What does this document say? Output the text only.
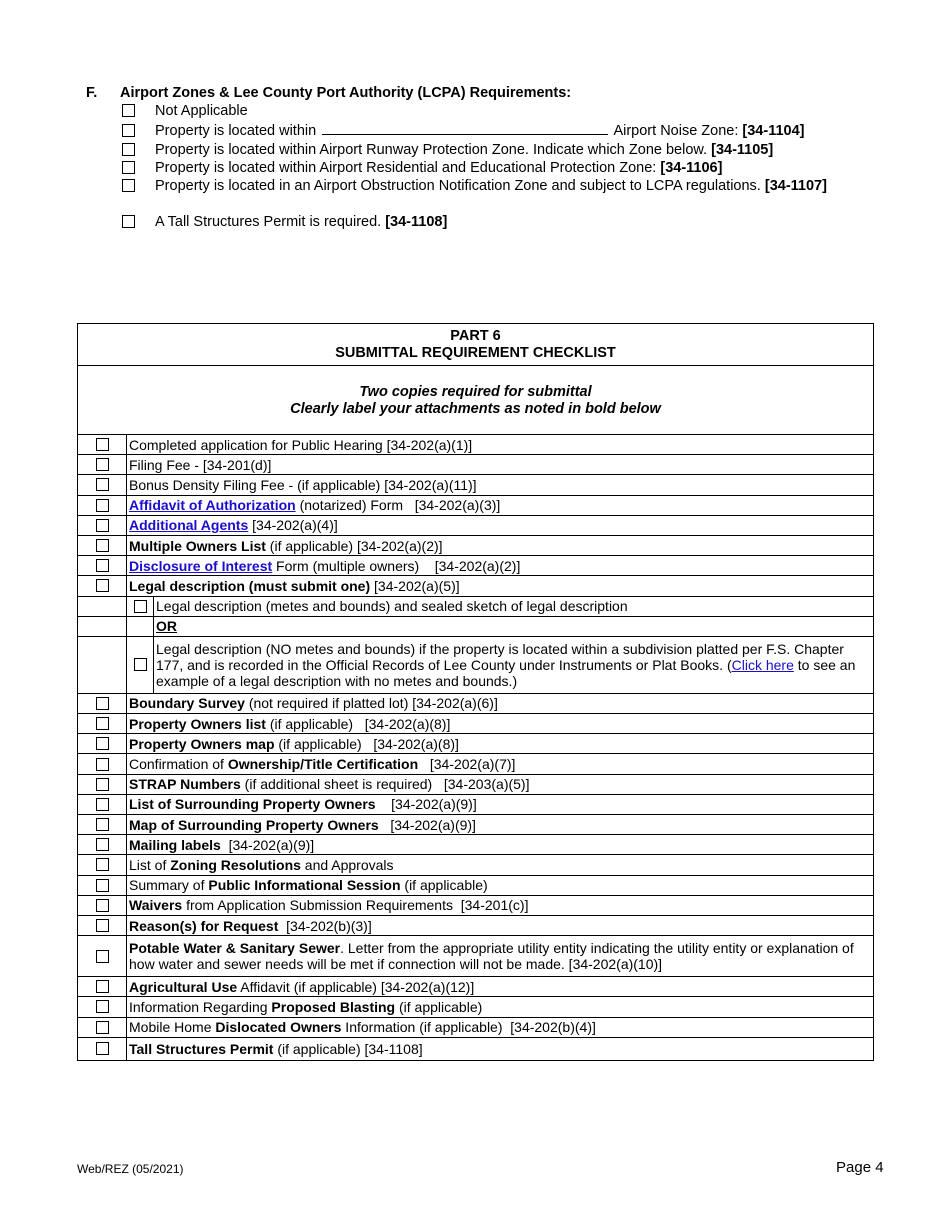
F. Airport Zones & Lee County Port Authority (LCPA) Requirements:
Not Applicable
Property is located within	Airport Noise Zone: [34-1104]
Property is located within Airport Runway Protection Zone. Indicate which Zone below. [34-1105]
Property is located within Airport Residential and Educational Protection Zone: [34-1106]
Property is located in an Airport Obstruction Notification Zone and subject to LCPA regulations. [34-1107]
A Tall Structures Permit is required. [34-1108]
PART 6
SUBMITTAL REQUIREMENT CHECKLIST
Two copies required for submittal
Clearly label your attachments as noted in bold below
Completed application for Public Hearing [34-202(a)(1)]
Filing Fee - [34-201(d)]
Bonus Density Filing Fee - (if applicable) [34-202(a)(11)]
Affidavit of Authorization (notarized) Form   [34-202(a)(3)]
Additional Agents [34-202(a)(4)]
Multiple Owners List (if applicable) [34-202(a)(2)]
Disclosure of Interest Form (multiple owners)    [34-202(a)(2)]
Legal description (must submit one) [34-202(a)(5)]
Legal description (metes and bounds) and sealed sketch of legal description
OR
Legal description (NO metes and bounds) if the property is located within a subdivision platted per F.S. Chapter 177, and is recorded in the Official Records of Lee County under Instruments or Plat Books. (Click here to see an example of a legal description with no metes and bounds.)
Boundary Survey (not required if platted lot) [34-202(a)(6)]
Property Owners list (if applicable)   [34-202(a)(8)]
Property Owners map (if applicable)   [34-202(a)(8)]
Confirmation of Ownership/Title Certification [34-202(a)(7)]
STRAP Numbers (if additional sheet is required)   [34-203(a)(5)]
List of Surrounding Property Owners [34-202(a)(9)]
Map of Surrounding Property Owners [34-202(a)(9)]
Mailing labels [34-202(a)(9)]
List of Zoning Resolutions and Approvals
Summary of Public Informational Session (if applicable)
Waivers from Application Submission Requirements  [34-201(c)]
Reason(s) for Request [34-202(b)(3)]
Potable Water & Sanitary Sewer. Letter from the appropriate utility entity indicating the utility entity or explanation of how water and sewer needs will be met if connection will not be made. [34-202(a)(10)]
Agricultural Use Affidavit (if applicable) [34-202(a)(12)]
Information Regarding Proposed Blasting (if applicable)
Mobile Home Dislocated Owners Information (if applicable)  [34-202(b)(4)]
Tall Structures Permit (if applicable) [34-1108]
Web/REZ (05/2021)	Page 4
